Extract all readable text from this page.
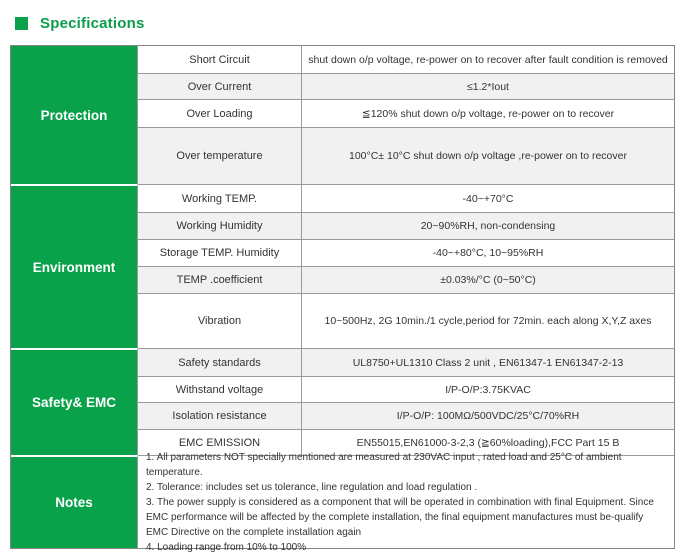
Specifications
Protection
Short Circuit	shut down o/p voltage, re-power on to recover after fault condition is removed
Over Current	≤1.2*Iout
Over Loading	≦120% shut down o/p voltage, re-power on to recover
Over temperature	100°C± 10°C shut down o/p voltage ,re-power on to recover
Environment
Working TEMP.	-40~+70°C
Working Humidity	20~90%RH, non-condensing
Storage TEMP. Humidity	-40~+80°C, 10~95%RH
TEMP .coefficient	±0.03%/°C (0~50°C)
Vibration	10~500Hz, 2G 10min./1 cycle,period for 72min. each along X,Y,Z axes
Safety& EMC
Safety standards	UL8750+UL1310 Class 2 unit , EN61347-1 EN61347-2-13
Withstand voltage	I/P-O/P:3.75KVAC
Isolation resistance	I/P-O/P: 100MΩ/500VDC/25°C/70%RH
EMC EMISSION	EN55015,EN61000-3-2,3 (≧60%loading),FCC Part 15 B
Notes
1. All parameters NOT specially mentioned are measured at 230VAC input , rated load and 25°C of ambient temperature.
2. Tolerance: includes set us tolerance, line regulation and load regulation .
3. The power supply is considered as a component that will be operated in combination with final Equipment. Since EMC performance will be affected by the complete installation, the final equipment manufactures must be-qualify EMC Directive on the complete installation again
4. Loading range from 10% to 100%
